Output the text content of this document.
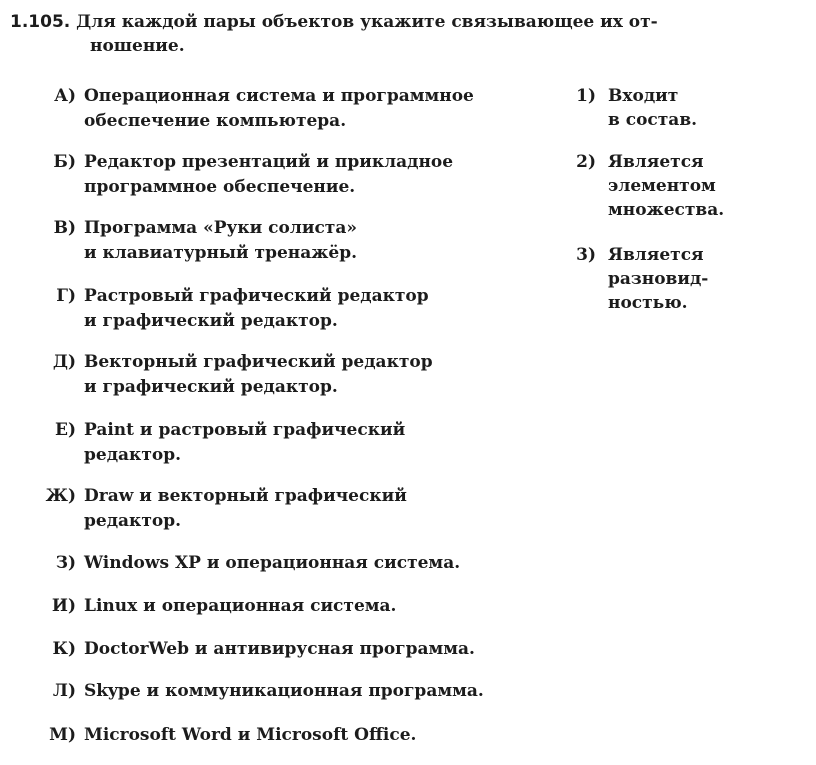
1.105. Для каждой пары объектов укажите связывающее их от-
ношение.
А) Операционная система и программное
обеспечение компьютера.
Б) Редактор презентаций и прикладное
программное обеспечение.
В) Программа «Руки солиста»
и клавиатурный тренажёр.
Г) Растровый графический редактор
и графический редактор.
Д) Векторный графический редактор
и графический редактор.
Е) Paint и растровый графический
редактор.
Ж) Draw и векторный графический
редактор.
З) Windows XP и операционная система.
И) Linux и операционная система.
К) DoctorWeb и антивирусная программа.
Л) Skype и коммуникационная программа.
М) Microsoft Word и Microsoft Office.
1) Входит
в состав.
2) Является
элементом
множества.
3) Является
разновид-
ностью.
